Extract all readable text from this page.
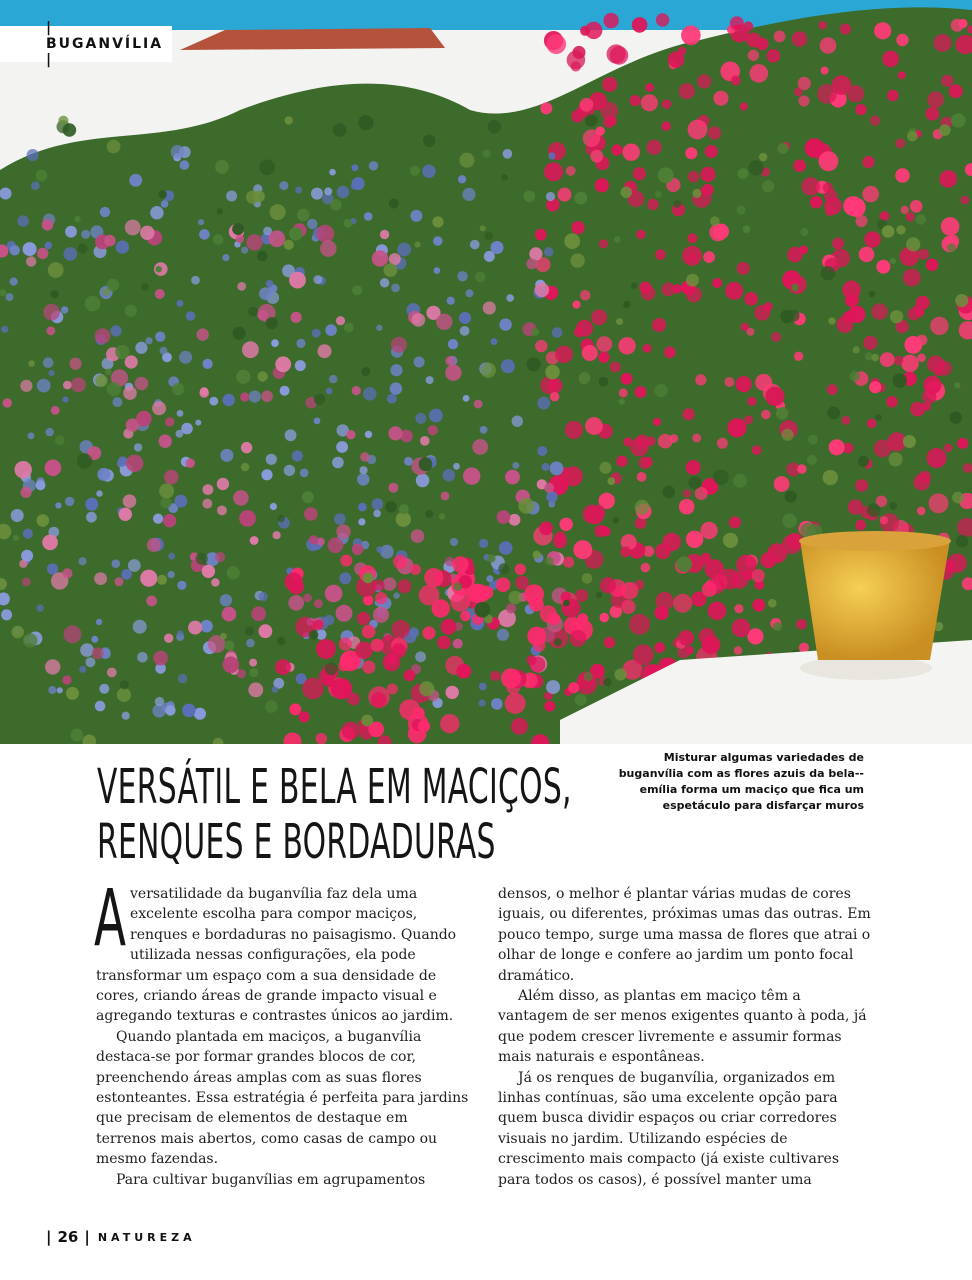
| BUGANVÍLIA |
Misturar algumas variedades de buganvília com as flores azuis da bela--emília forma um maciço que fica um espetáculo para disfarçar muros
VERSÁTIL E BELA EM MACIÇOS,
RENQUES E BORDADURAS

Aversatilidade da buganvília faz dela uma excelente escolha para compor maciços, renques e bordaduras no paisagismo. Quando utilizada nessas configurações, ela pode transformar um espaço com a sua densidade de cores, criando áreas de grande impacto visual e agregando texturas e contrastes únicos ao jardim.

Quando plantada em maciços, a buganvília destaca-se por formar grandes blocos de cor, preenchendo áreas amplas com as suas flores estonteantes. Essa estratégia é perfeita para jardins que precisam de elementos de destaque em terrenos mais abertos, como casas de campo ou mesmo fazendas.

Para cultivar buganvílias em agrupamentos

densos, o melhor é plantar várias mudas de cores iguais, ou diferentes, próximas umas das outras. Em pouco tempo, surge uma massa de flores que atrai o olhar de longe e confere ao jardim um ponto focal dramático.

Além disso, as plantas em maciço têm a vantagem de ser menos exigentes quanto à poda, já que podem crescer livremente e assumir formas mais naturais e espontâneas.

Já os renques de buganvília, organizados em linhas contínuas, são uma excelente opção para quem busca dividir espaços ou criar corredores visuais no jardim. Utilizando espécies de crescimento mais compacto (já existe cultivares para todos os casos), é possível manter uma

| 26 | NATUREZA
